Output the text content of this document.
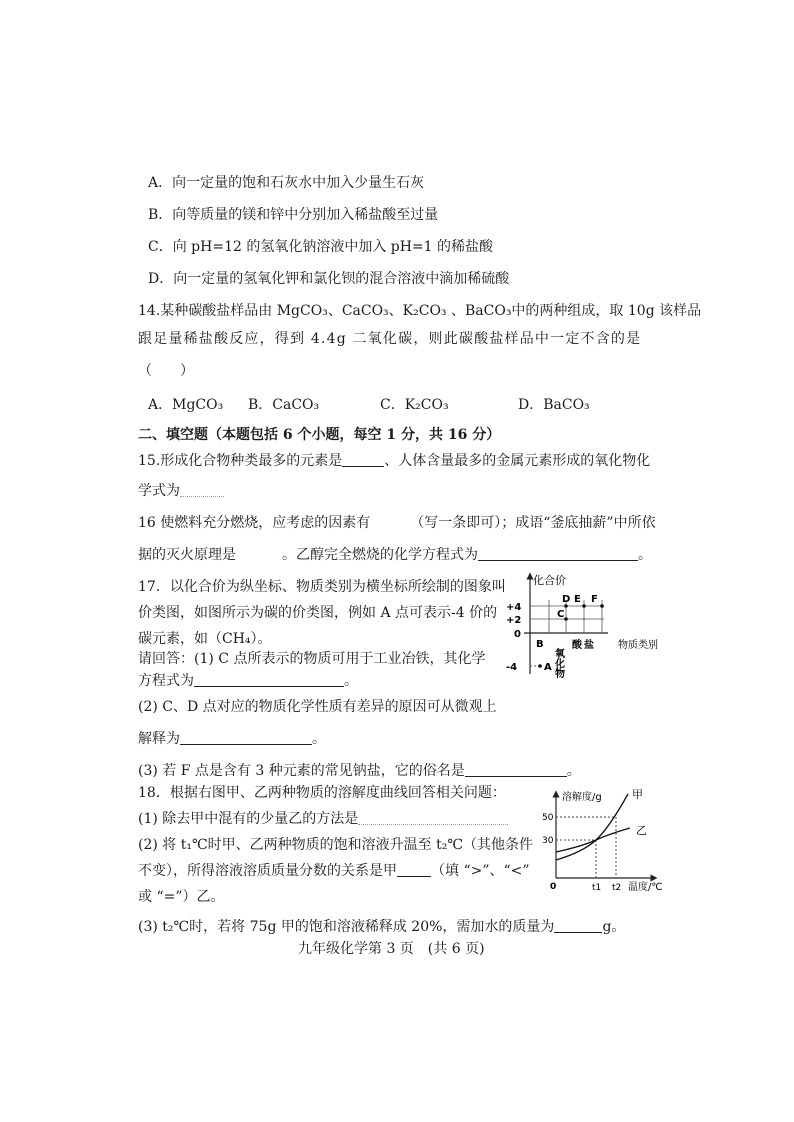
A．向一定量的饱和石灰水中加入少量生石灰
B．向等质量的镁和锌中分别加入稀盐酸至过量
C．向 pH=12 的氢氧化钠溶液中加入 pH=1 的稀盐酸
D．向一定量的氢氧化钾和氯化钡的混合溶液中滴加稀硫酸
14.某种碳酸盐样品由 MgCO₃、CaCO₃、K₂CO₃ 、BaCO₃中的两种组成，取 10g 该样品
跟足量稀盐酸反应，得到 4.4g 二氧化碳，则此碳酸盐样品中一定不含的是
（　　）
A．MgCO₃ B．CaCO₃	C．K₂CO₃	D．BaCO₃
二、填空题（本题包括 6 个小题，每空 1 分，共 16 分）
15.形成化合物种类最多的元素是	、人体含量最多的金属元素形成的氧化物化
学式为
16 使燃料充分燃烧，应考虑的因素有	（写一条即可）；成语“釜底抽薪”中所依
据的灭火原理是	。乙醇完全燃烧的化学方程式为	。
17．以化合价为纵坐标、物质类别为横坐标所绘制的图象叫
价类图，如图所示为碳的价类图，例如 A 点可表示-4 价的
碳元素，如（CH₄）。
请回答：(1) C 点所表示的物质可用于工业冶铁，其化学
方程式为	。
(2) C、D 点对应的物质化学性质有差异的原因可从微观上
解释为	。
(3) 若 F 点是含有 3 种元素的常见钠盐，它的俗名是	。
化合价
+4
+2
0
-4	A
C
D E F
B
氧化物
酸 盐 物质类别
18．根据右图甲、乙两种物质的溶解度曲线回答相关问题：
(1) 除去甲中混有的少量乙的方法是
(2) 将 t₁℃时甲、乙两种物质的饱和溶液升温至 t₂℃（其他条件
不变），所得溶液溶质质量分数的关系是甲 （填 “>”、“<”
或 “=”）乙。
(3) t₂℃时，若将 75g 甲的饱和溶液稀释成 20%，需加水的质量为	g。
溶解度/g	甲
乙
50
30
0	t1 t2 温度/℃
九年级化学第 3 页　(共 6 页)
